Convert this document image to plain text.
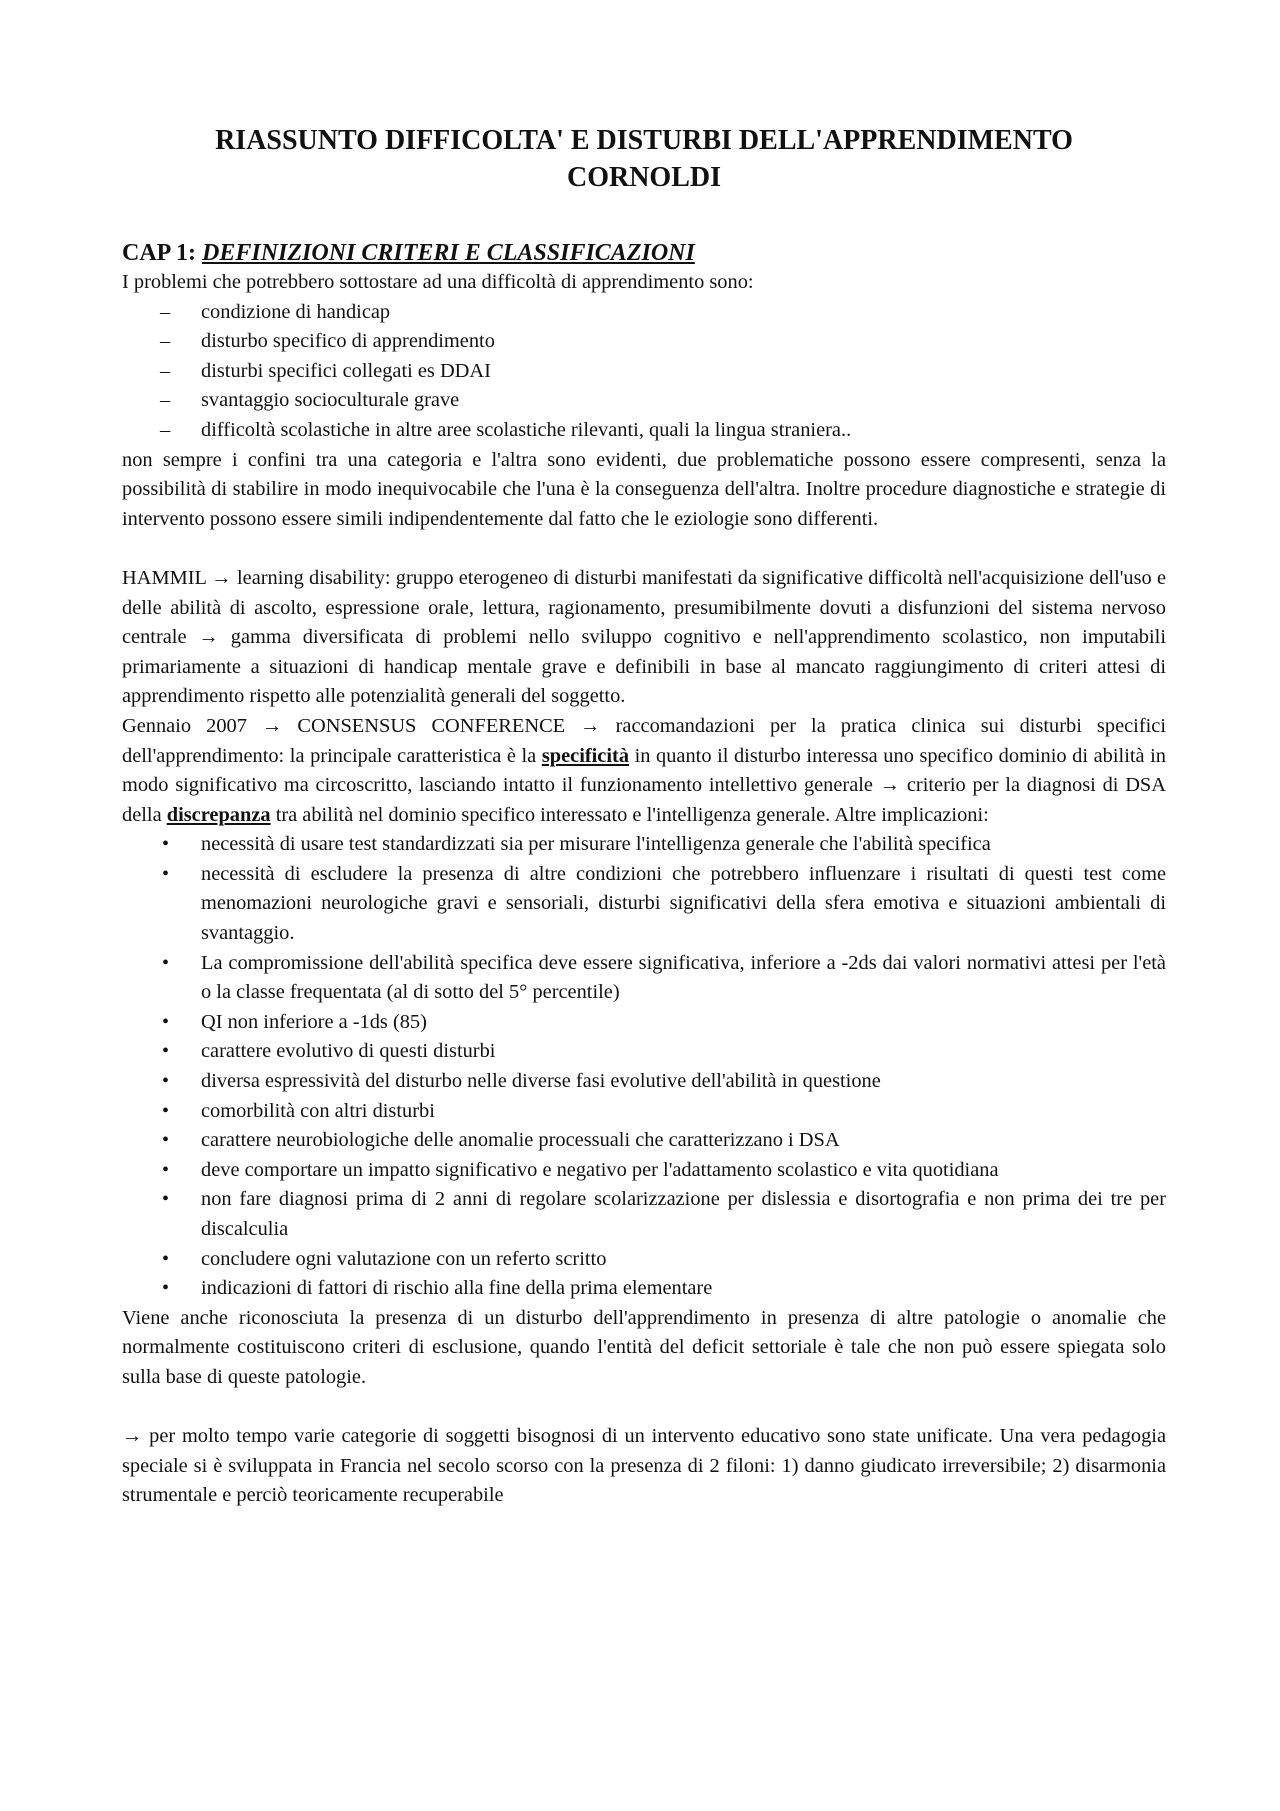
RIASSUNTO DIFFICOLTA' E DISTURBI DELL'APPRENDIMENTO
CORNOLDI
CAP 1: DEFINIZIONI CRITERI E CLASSIFICAZIONI

I problemi che potrebbero sottostare ad una difficoltà di apprendimento sono:

– condizione di handicap
– disturbo specifico di apprendimento
– disturbi specifici collegati es DDAI
– svantaggio socioculturale grave
– difficoltà scolastiche in altre aree scolastiche rilevanti, quali la lingua straniera..

non sempre i confini tra una categoria e l'altra sono evidenti, due problematiche possono essere compresenti, senza la possibilità di stabilire in modo inequivocabile che l'una è la conseguenza dell'altra. Inoltre procedure diagnostiche e strategie di intervento possono essere simili indipendentemente dal fatto che le eziologie sono differenti.

HAMMIL → learning disability: gruppo eterogeneo di disturbi manifestati da significative difficoltà nell'acquisizione dell'uso e delle abilità di ascolto, espressione orale, lettura, ragionamento, presumibilmente dovuti a disfunzioni del sistema nervoso centrale → gamma diversificata di problemi nello sviluppo cognitivo e nell'apprendimento scolastico, non imputabili primariamente a situazioni di handicap mentale grave e definibili in base al mancato raggiungimento di criteri attesi di apprendimento rispetto alle potenzialità generali del soggetto.

Gennaio 2007 → CONSENSUS CONFERENCE → raccomandazioni per la pratica clinica sui disturbi specifici dell'apprendimento: la principale caratteristica è la specificità in quanto il disturbo interessa uno specifico dominio di abilità in modo significativo ma circoscritto, lasciando intatto il funzionamento intellettivo generale → criterio per la diagnosi di DSA della discrepanza tra abilità nel dominio specifico interessato e l'intelligenza generale. Altre implicazioni:

• necessità di usare test standardizzati sia per misurare l'intelligenza generale che l'abilità specifica
• necessità di escludere la presenza di altre condizioni che potrebbero influenzare i risultati di questi test come menomazioni neurologiche gravi e sensoriali, disturbi significativi della sfera emotiva e situazioni ambientali di svantaggio.
• La compromissione dell'abilità specifica deve essere significativa, inferiore a -2ds dai valori normativi attesi per l'età o la classe frequentata (al di sotto del 5° percentile)
• QI non inferiore a -1ds (85)
• carattere evolutivo di questi disturbi
• diversa espressività del disturbo nelle diverse fasi evolutive dell'abilità in questione
• comorbilità con altri disturbi
• carattere neurobiologiche delle anomalie processuali che caratterizzano i DSA
• deve comportare un impatto significativo e negativo per l'adattamento scolastico e vita quotidiana
• non fare diagnosi prima di 2 anni di regolare scolarizzazione per dislessia e disortografia e non prima dei tre per discalculia
• concludere ogni valutazione con un referto scritto
• indicazioni di fattori di rischio alla fine della prima elementare

Viene anche riconosciuta la presenza di un disturbo dell'apprendimento in presenza di altre patologie o anomalie che normalmente costituiscono criteri di esclusione, quando l'entità del deficit settoriale è tale che non può essere spiegata solo sulla base di queste patologie.

→ per molto tempo varie categorie di soggetti bisognosi di un intervento educativo sono state unificate. Una vera pedagogia speciale si è sviluppata in Francia nel secolo scorso con la presenza di 2 filoni: 1) danno giudicato irreversibile; 2) disarmonia strumentale e perciò teoricamente recuperabile
